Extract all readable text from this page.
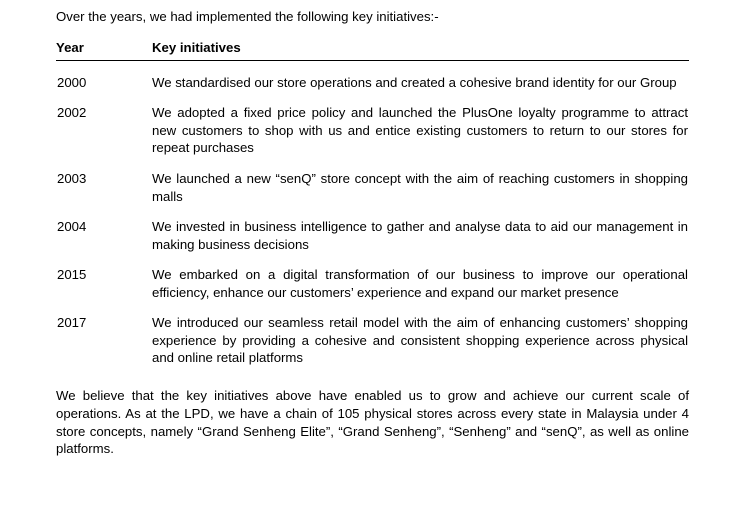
Over the years, we had implemented the following key initiatives:-

Year	Key initiatives

2000	We standardised our store operations and created a cohesive brand identity for our Group
2002	We adopted a fixed price policy and launched the PlusOne loyalty programme to attract new customers to shop with us and entice existing customers to return to our stores for repeat purchases
2003	We launched a new “senQ” store concept with the aim of reaching customers in shopping malls
2004	We invested in business intelligence to gather and analyse data to aid our management in making business decisions
2015	We embarked on a digital transformation of our business to improve our operational efficiency, enhance our customers’ experience and expand our market presence
2017	We introduced our seamless retail model with the aim of enhancing customers’ shopping experience by providing a cohesive and consistent shopping experience across physical and online retail platforms

We believe that the key initiatives above have enabled us to grow and achieve our current scale of operations. As at the LPD, we have a chain of 105 physical stores across every state in Malaysia under 4 store concepts, namely “Grand Senheng Elite”, “Grand Senheng”, “Senheng” and “senQ”, as well as online platforms.
